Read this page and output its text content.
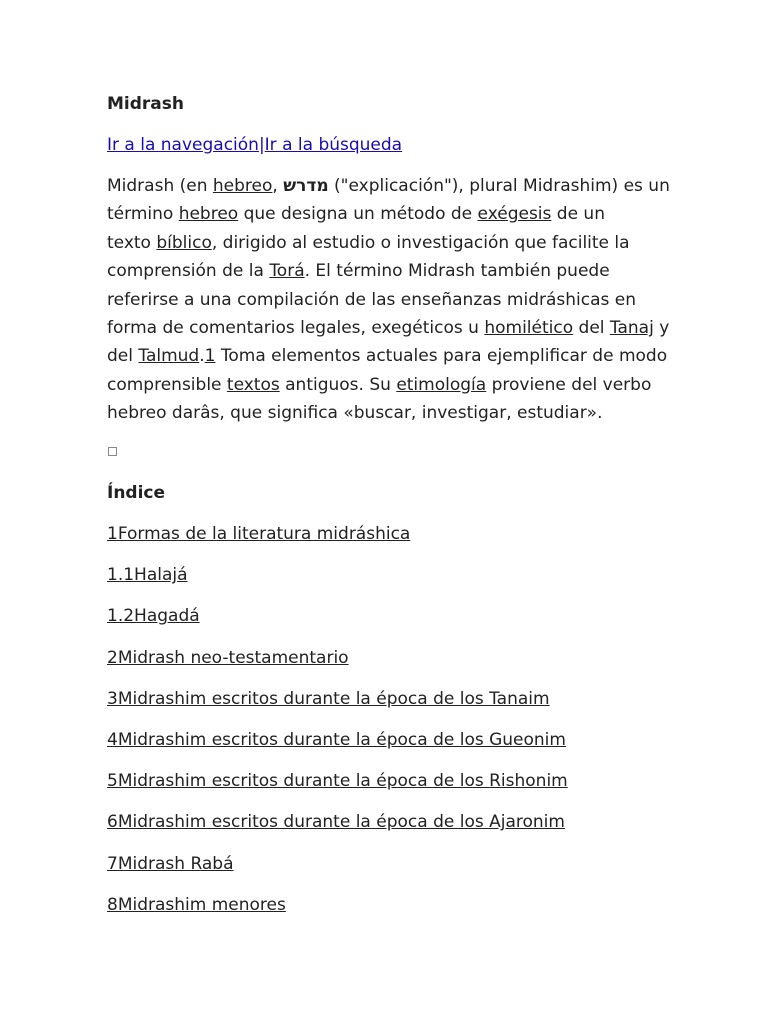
Midrash
Ir a la navegación|Ir a la búsqueda

Midrash (en hebreo, מדרש ("explicación"), plural Midrashim) es un
término hebreo que designa un método de exégesis de un
texto bíblico, dirigido al estudio o investigación que facilite la
comprensión de la Torá. El término Midrash también puede
referirse a una compilación de las enseñanzas midráshicas en
forma de comentarios legales, exegéticos u homilético del Tanaj y
del Talmud.1 Toma elementos actuales para ejemplificar de modo
comprensible textos antiguos. Su etimología proviene del verbo
hebreo darâs, que significa «buscar, investigar, estudiar».

Índice
1Formas de la literatura midráshica
1.1Halajá
1.2Hagadá
2Midrash neo-testamentario
3Midrashim escritos durante la época de los Tanaim
4Midrashim escritos durante la época de los Gueonim
5Midrashim escritos durante la época de los Rishonim
6Midrashim escritos durante la época de los Ajaronim
7Midrash Rabá
8Midrashim menores
